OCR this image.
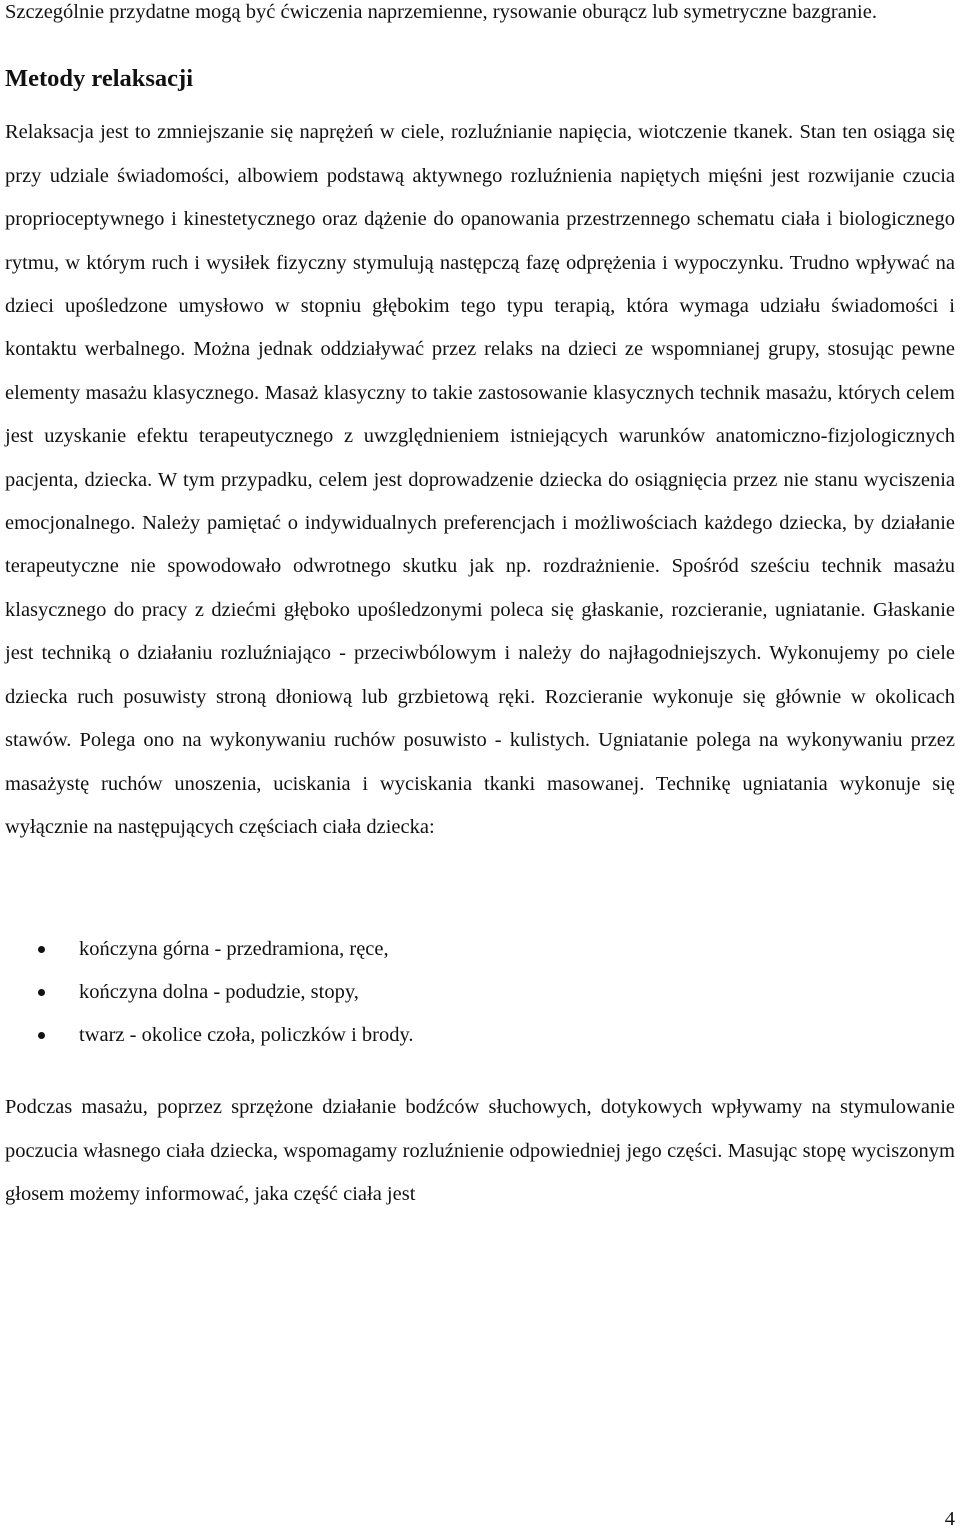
Szczególnie przydatne mogą być ćwiczenia naprzemienne, rysowanie oburącz lub symetryczne bazgranie.

Metody relaksacji

Relaksacja jest to zmniejszanie się naprężeń w ciele, rozluźnianie napięcia, wiotczenie tkanek. Stan ten osiąga się przy udziale świadomości, albowiem podstawą aktywnego rozluźnienia napiętych mięśni jest rozwijanie czucia proprioceptywnego i kinestetycznego oraz dążenie do opanowania przestrzennego schematu ciała i biologicznego rytmu, w którym ruch i wysiłek fizyczny stymulują następczą fazę odprężenia i wypoczynku. Trudno wpływać na dzieci upośledzone umysłowo w stopniu głębokim tego typu terapią, która wymaga udziału świadomości i kontaktu werbalnego. Można jednak oddziaływać przez relaks na dzieci ze wspomnianej grupy, stosując pewne elementy masażu klasycznego. Masaż klasyczny to takie zastosowanie klasycznych technik masażu, których celem jest uzyskanie efektu terapeutycznego z uwzględnieniem istniejących warunków anatomiczno-fizjologicznych pacjenta, dziecka. W tym przypadku, celem jest doprowadzenie dziecka do osiągnięcia przez nie stanu wyciszenia emocjonalnego. Należy pamiętać o indywidualnych preferencjach i możliwościach każdego dziecka, by działanie terapeutyczne nie spowodowało odwrotnego skutku jak np. rozdrażnienie. Spośród sześciu technik masażu klasycznego do pracy z dziećmi głęboko upośledzonymi poleca się głaskanie, rozcieranie, ugniatanie. Głaskanie jest techniką o działaniu rozluźniająco - przeciwbólowym i należy do najłagodniejszych. Wykonujemy po ciele dziecka ruch posuwisty stroną dłoniową lub grzbietową ręki. Rozcieranie wykonuje się głównie w okolicach stawów. Polega ono na wykonywaniu ruchów posuwisto - kulistych. Ugniatanie polega na wykonywaniu przez masażystę ruchów unoszenia, uciskania i wyciskania tkanki masowanej. Technikę ugniatania wykonuje się wyłącznie na następujących częściach ciała dziecka:

kończyna górna - przedramiona, ręce,
kończyna dolna - podudzie, stopy,
twarz - okolice czoła, policzków i brody.

Podczas masażu, poprzez sprzężone działanie bodźców słuchowych, dotykowych wpływamy na stymulowanie poczucia własnego ciała dziecka, wspomagamy rozluźnienie odpowiedniej jego części. Masując stopę wyciszonym głosem możemy informować, jaka część ciała jest

4
